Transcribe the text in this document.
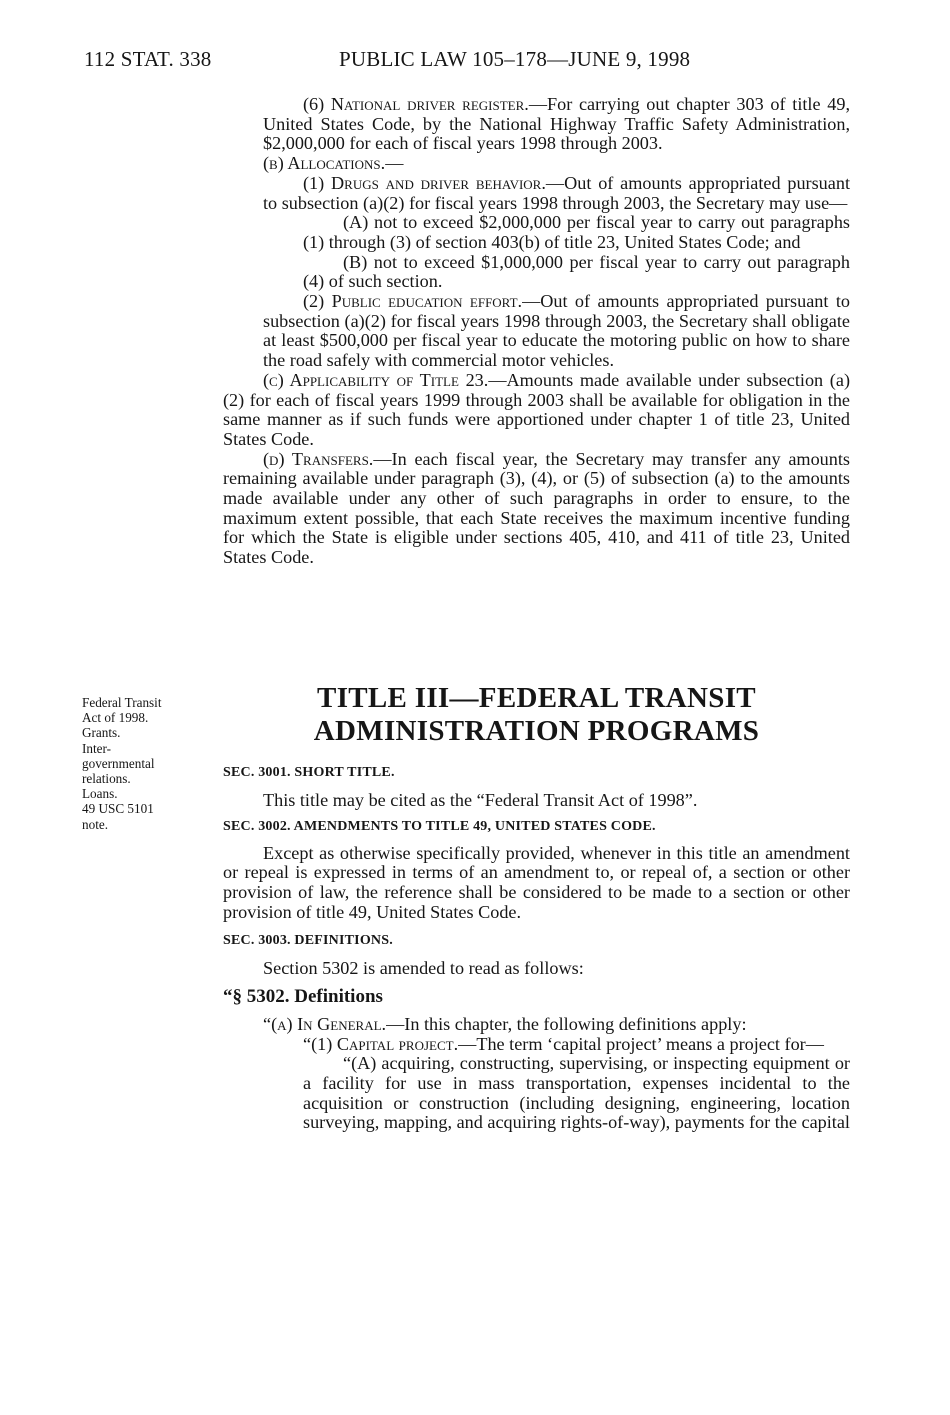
112 STAT. 338	PUBLIC LAW 105–178—JUNE 9, 1998
(6) National driver register.—For carrying out chapter 303 of title 49, United States Code, by the National Highway Traffic Safety Administration, $2,000,000 for each of fiscal years 1998 through 2003.
(b) Allocations.—
(1) Drugs and driver behavior.—Out of amounts appropriated pursuant to subsection (a)(2) for fiscal years 1998 through 2003, the Secretary may use—
(A) not to exceed $2,000,000 per fiscal year to carry out paragraphs (1) through (3) of section 403(b) of title 23, United States Code; and
(B) not to exceed $1,000,000 per fiscal year to carry out paragraph (4) of such section.
(2) Public education effort.—Out of amounts appropriated pursuant to subsection (a)(2) for fiscal years 1998 through 2003, the Secretary shall obligate at least $500,000 per fiscal year to educate the motoring public on how to share the road safely with commercial motor vehicles.
(c) Applicability of Title 23.—Amounts made available under subsection (a)(2) for each of fiscal years 1999 through 2003 shall be available for obligation in the same manner as if such funds were apportioned under chapter 1 of title 23, United States Code.
(d) Transfers.—In each fiscal year, the Secretary may transfer any amounts remaining available under paragraph (3), (4), or (5) of subsection (a) to the amounts made available under any other of such paragraphs in order to ensure, to the maximum extent possible, that each State receives the maximum incentive funding for which the State is eligible under sections 405, 410, and 411 of title 23, United States Code.
Federal Transit
Act of 1998.
Grants.
Inter-
governmental
relations.
Loans.
49 USC 5101
note.
TITLE III—FEDERAL TRANSIT
ADMINISTRATION PROGRAMS
SEC. 3001. SHORT TITLE.
This title may be cited as the “Federal Transit Act of 1998”.
SEC. 3002. AMENDMENTS TO TITLE 49, UNITED STATES CODE.
Except as otherwise specifically provided, whenever in this title an amendment or repeal is expressed in terms of an amendment to, or repeal of, a section or other provision of law, the reference shall be considered to be made to a section or other provision of title 49, United States Code.
SEC. 3003. DEFINITIONS.
Section 5302 is amended to read as follows:
“§ 5302. Definitions
“(a) In General.—In this chapter, the following definitions apply:
“(1) Capital project.—The term ‘capital project’ means a project for—
“(A) acquiring, constructing, supervising, or inspecting equipment or a facility for use in mass transportation, expenses incidental to the acquisition or construction (including designing, engineering, location surveying, mapping, and acquiring rights-of-way), payments for the capital
